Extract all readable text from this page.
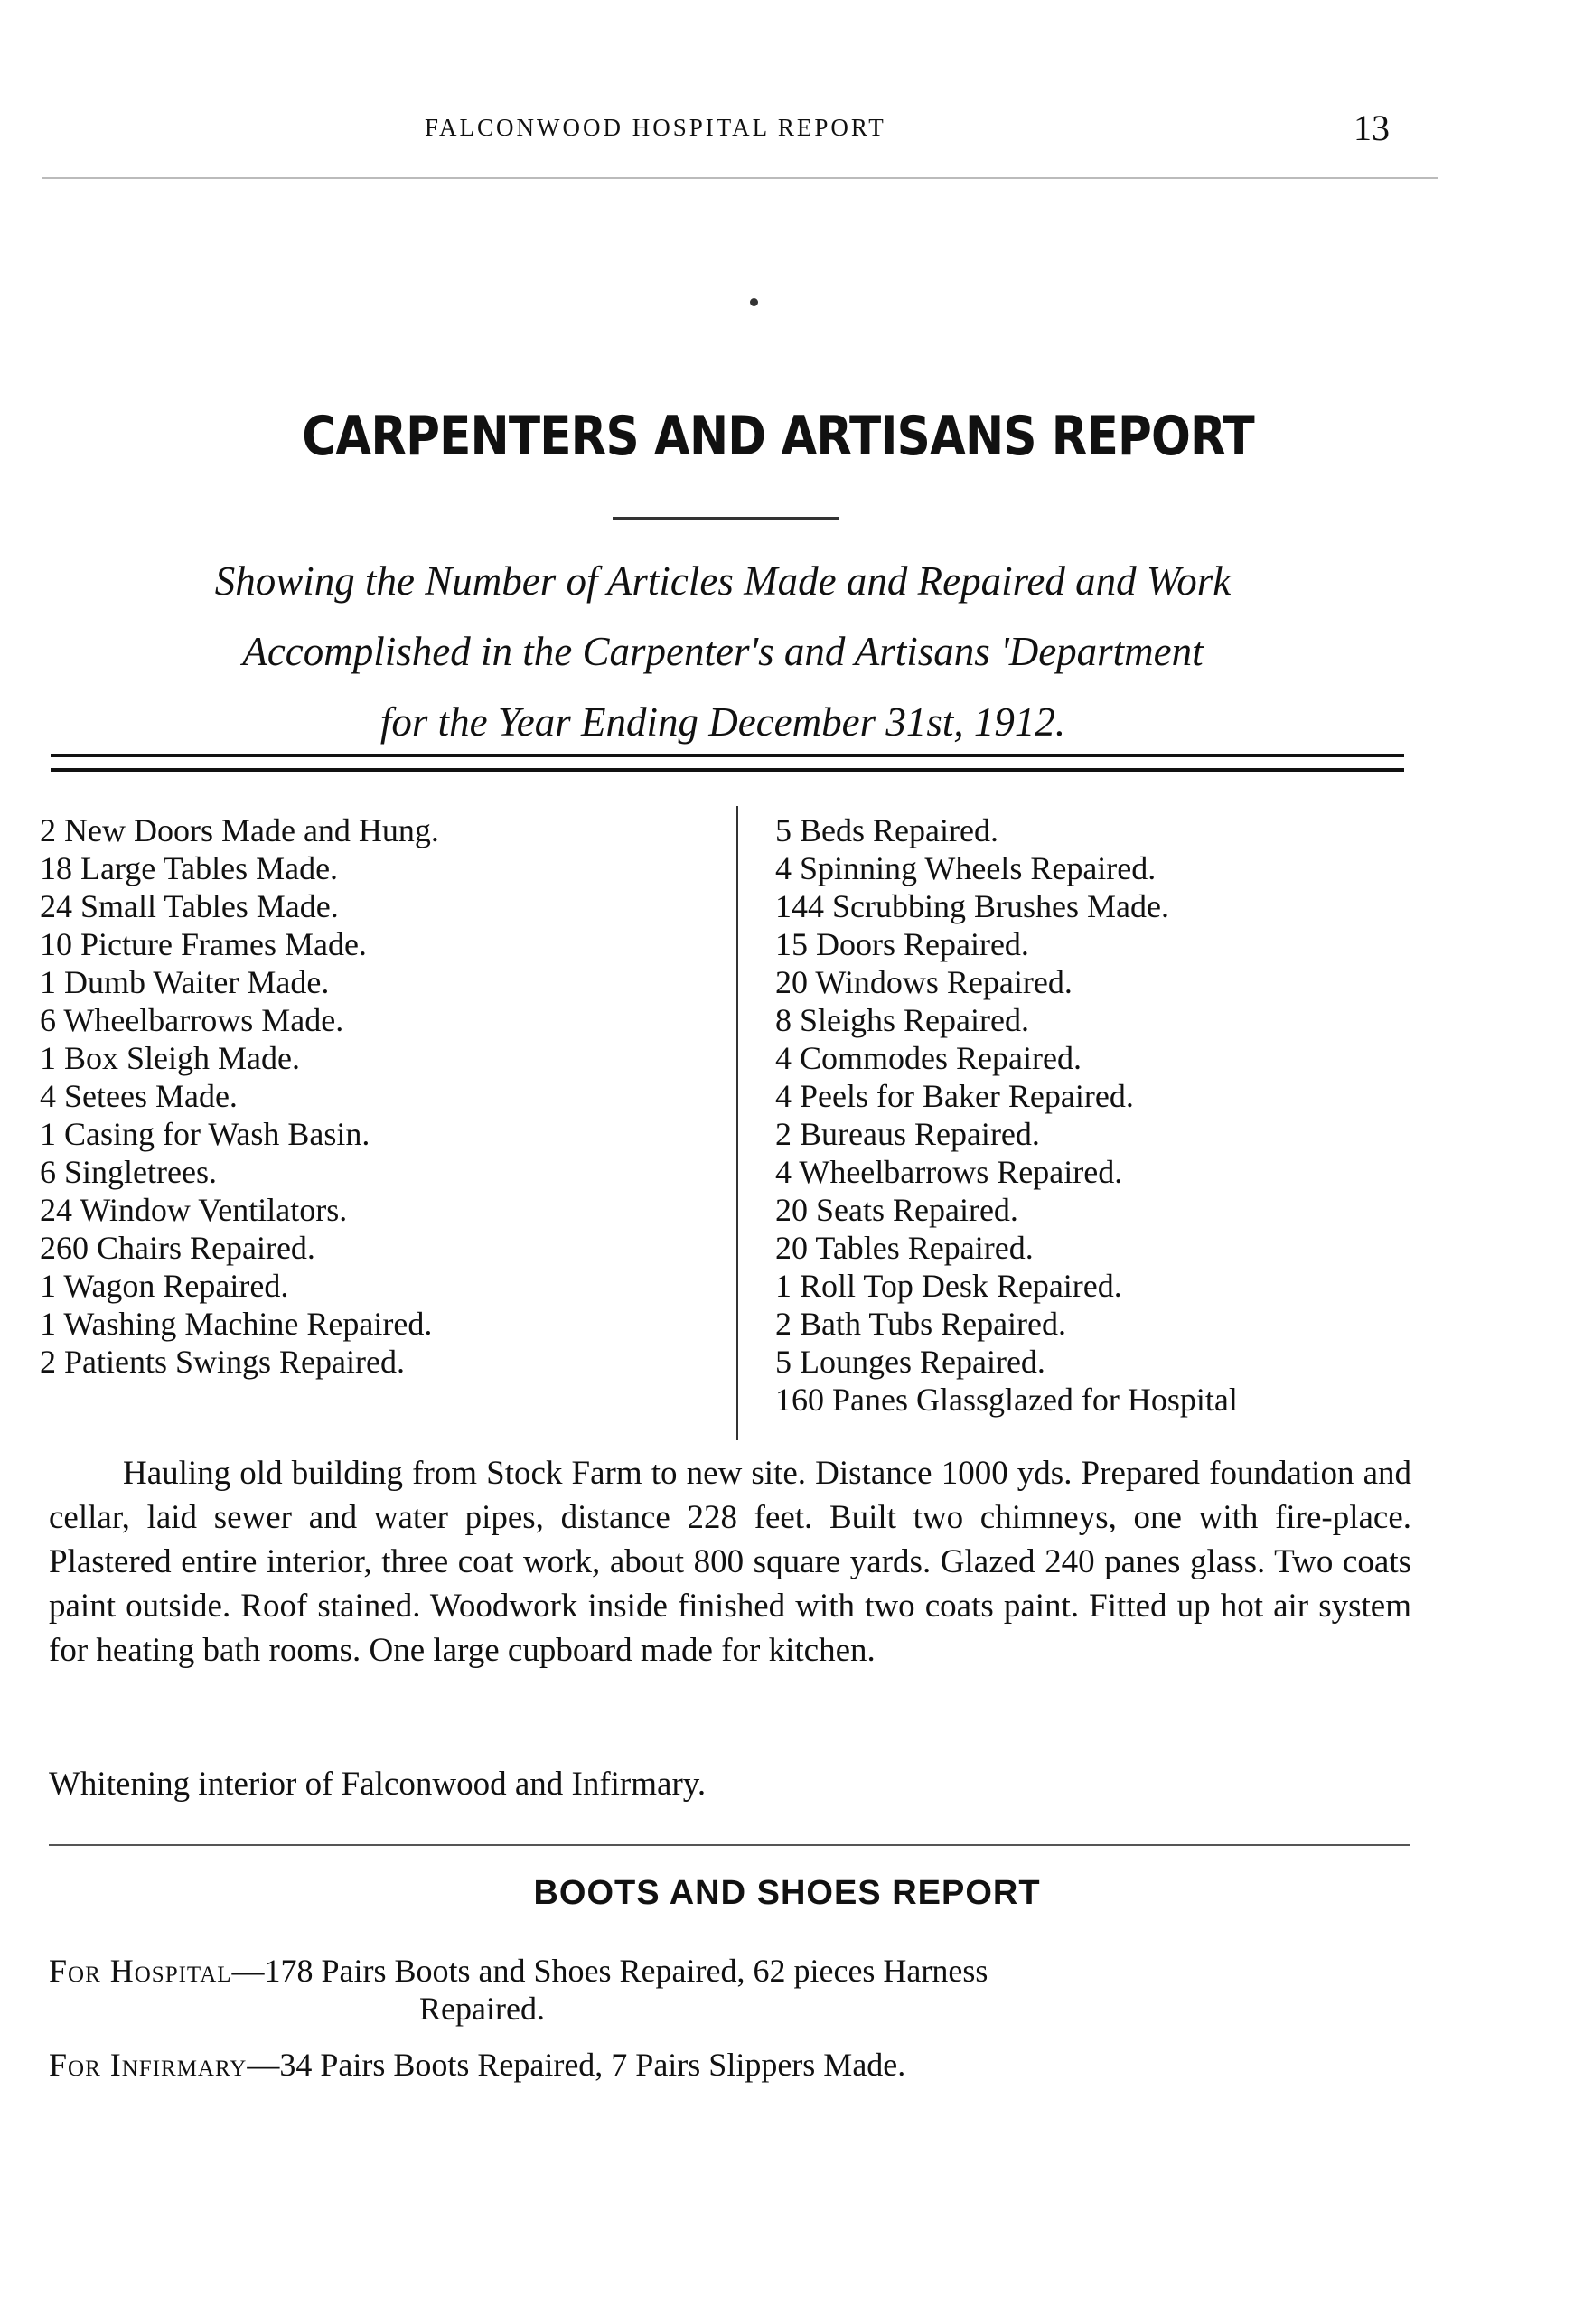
FALCONWOOD HOSPITAL REPORT	13
CARPENTERS AND ARTISANS REPORT
Showing the Number of Articles Made and Repaired and Work
Accomplished in the Carpenter's and Artisans 'Department
for the Year Ending December 31st, 1912.
2 New Doors Made and Hung.
18 Large Tables Made.
24 Small Tables Made.
10 Picture Frames Made.
1 Dumb Waiter Made.
6 Wheelbarrows Made.
1 Box Sleigh Made.
4 Setees Made.
1 Casing for Wash Basin.
6 Singletrees.
24 Window Ventilators.
260 Chairs Repaired.
1 Wagon Repaired.
1 Washing Machine Repaired.
2 Patients Swings Repaired.
5 Beds Repaired.
4 Spinning Wheels Repaired.
144 Scrubbing Brushes Made.
15 Doors Repaired.
20 Windows Repaired.
8 Sleighs Repaired.
4 Commodes Repaired.
4 Peels for Baker Repaired.
2 Bureaus Repaired.
4 Wheelbarrows Repaired.
20 Seats Repaired.
20 Tables Repaired.
1 Roll Top Desk Repaired.
2 Bath Tubs Repaired.
5 Lounges Repaired.
160 Panes Glassglazed for Hospital
Hauling old building from Stock Farm to new site. Distance 1000 yds. Prepared foundation and cellar, laid sewer and water pipes, distance 228 feet. Built two chimneys, one with fire-place. Plastered entire interior, three coat work, about 800 square yards. Glazed 240 panes glass. Two coats paint outside. Roof stained. Woodwork inside finished with two coats paint. Fitted up hot air system for heating bath rooms. One large cupboard made for kitchen.
Whitening interior of Falconwood and Infirmary.
BOOTS AND SHOES REPORT
For Hospital—178 Pairs Boots and Shoes Repaired, 62 pieces Harness
Repaired.
For Infirmary—34 Pairs Boots Repaired, 7 Pairs Slippers Made.
